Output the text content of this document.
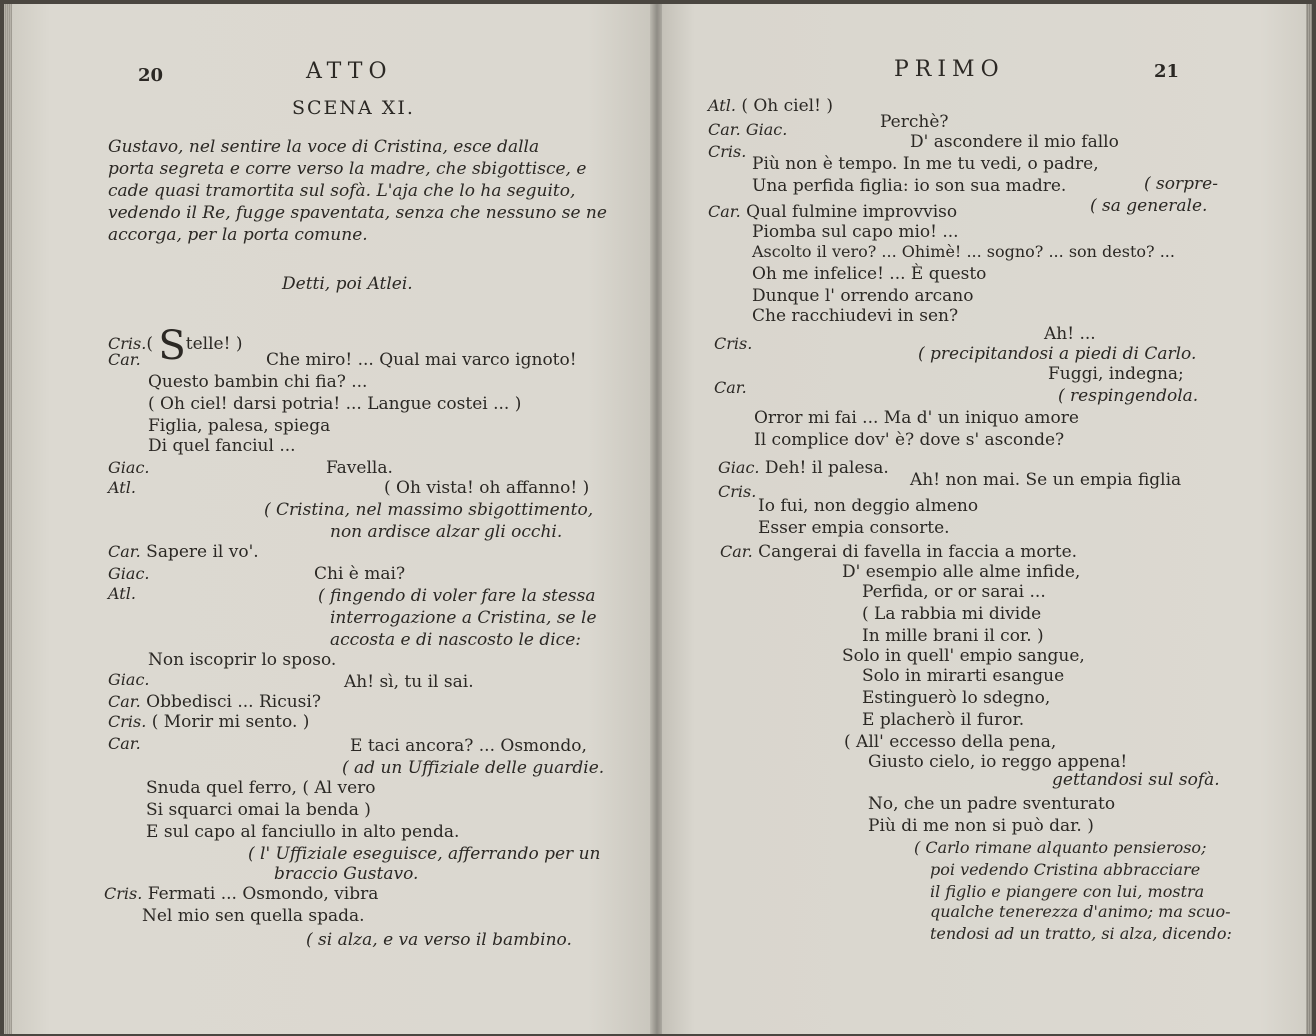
20	ATTO
SCENA XI.
Gustavo, nel sentire la voce di Cristina, esce dalla
porta segreta e corre verso la madre, che sbigottisce, e
cade quasi tramortita sul sofà. L'aja che lo ha seguito,
vedendo il Re, fugge spaventata, senza che nessuno se ne
accorga, per la porta comune.
Detti, poi Atlei.
Cris.( Stelle! )
Car.	Che miro! ... Qual mai varco ignoto!
Questo bambin chi fia? ...
( Oh ciel! darsi potria! ... Langue costei ... )
Figlia, palesa, spiega
Di quel fanciul ...
Giac.	Favella.
Atl.	( Oh vista! oh affanno! )
( Cristina, nel massimo sbigottimento,
non ardisce alzar gli occhi.
Car. Sapere il vo'.
Giac.	Chi è mai?
Atl.	( fingendo di voler fare la stessa
interrogazione a Cristina, se le
accosta e di nascosto le dice:
Non iscoprir lo sposo.
Giac.	Ah! sì, tu il sai.
Car. Obbedisci ... Ricusi?
Cris. ( Morir mi sento. )
Car.	E taci ancora? ... Osmondo,
( ad un Uffiziale delle guardie.
Snuda quel ferro, ( Al vero
Si squarci omai la benda )
E sul capo al fanciullo in alto penda.
( l' Uffiziale eseguisce, afferrando per un
braccio Gustavo.
Cris. Fermati ... Osmondo, vibra
Nel mio sen quella spada.
( si alza, e va verso il bambino.
PRIMO	21
Atl. ( Oh ciel! )
Car. Giac.	Perchè?
Cris.	D' ascondere il mio fallo
Più non è tempo. In me tu vedi, o padre,
Una perfida figlia: io son sua madre.	( sorpre-
Car. Qual fulmine improvviso	( sa generale.
Piomba sul capo mio! ...
Ascolto il vero? ... Ohimè! ... sogno? ... son desto? ...
Oh me infelice! ... È questo
Dunque l' orrendo arcano
Che racchiudevi in sen?
Cris.	Ah! ...
( precipitandosi a piedi di Carlo.
Car.
Fuggi, indegna;
( respingendola.
Orror mi fai ... Ma d' un iniquo amore
Il complice dov' è? dove s' asconde?
Giac. Deh! il palesa.
Cris.
Ah! non mai. Se un empia figlia
Io fui, non deggio almeno
Esser empia consorte.
Car. Cangerai di favella in faccia a morte.
D' esempio alle alme infide,
Perfida, or or sarai ...
( La rabbia mi divide
In mille brani il cor. )
Solo in quell' empio sangue,
Solo in mirarti esangue
Estinguerò lo sdegno,
E placherò il furor.
( All' eccesso della pena,
Giusto cielo, io reggo appena!
gettandosi sul sofà.
No, che un padre sventurato
Più di me non si può dar. )
( Carlo rimane alquanto pensieroso;
poi vedendo Cristina abbracciare
il figlio e piangere con lui, mostra
qualche tenerezza d'animo; ma scuo-
tendosi ad un tratto, si alza, dicendo:
